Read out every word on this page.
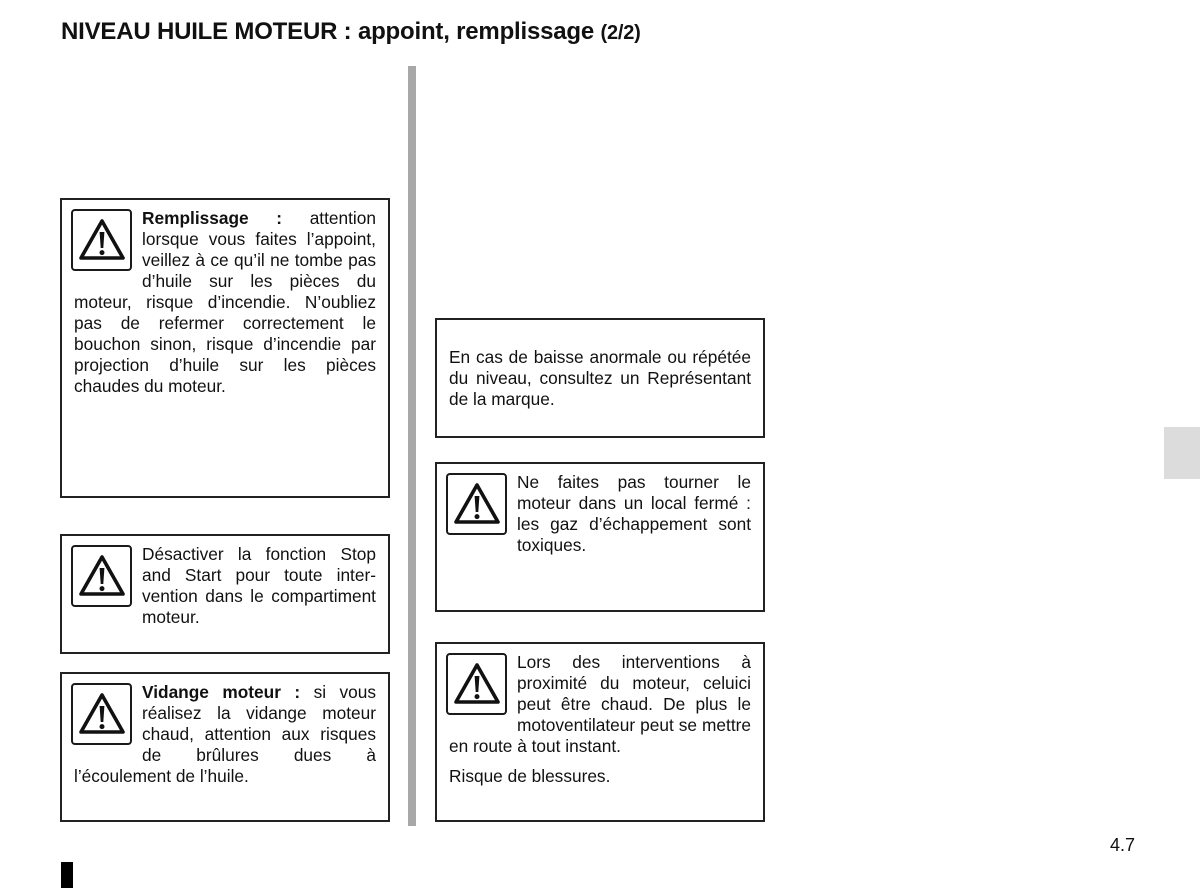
NIVEAU HUILE MOTEUR : appoint, remplissage (2/2)

Remplissage : attention lorsque vous faites l’appoint, veillez à ce qu’il ne tombe pas d’huile sur les pièces du moteur, risque d’incendie. N’oubliez pas de refermer correctement le bouchon sinon, risque d’incendie par projection d’huile sur les pièces chaudes du moteur.

Désactiver la fonction Stop and Start pour toute intervention dans le compartiment moteur.

Vidange moteur : si vous réalisez la vidange moteur chaud, attention aux risques de brûlures dues à l’écoulement de l’huile.

En cas de baisse anormale ou répétée du niveau, consultez un Représentant de la marque.

Ne faites pas tourner le moteur dans un local fermé : les gaz d’échappement sont toxiques.

Lors des interventions à proximité du moteur, celuici peut être chaud. De plus le motoventilateur peut se mettre en route à tout instant.

Risque de blessures.

4.7
